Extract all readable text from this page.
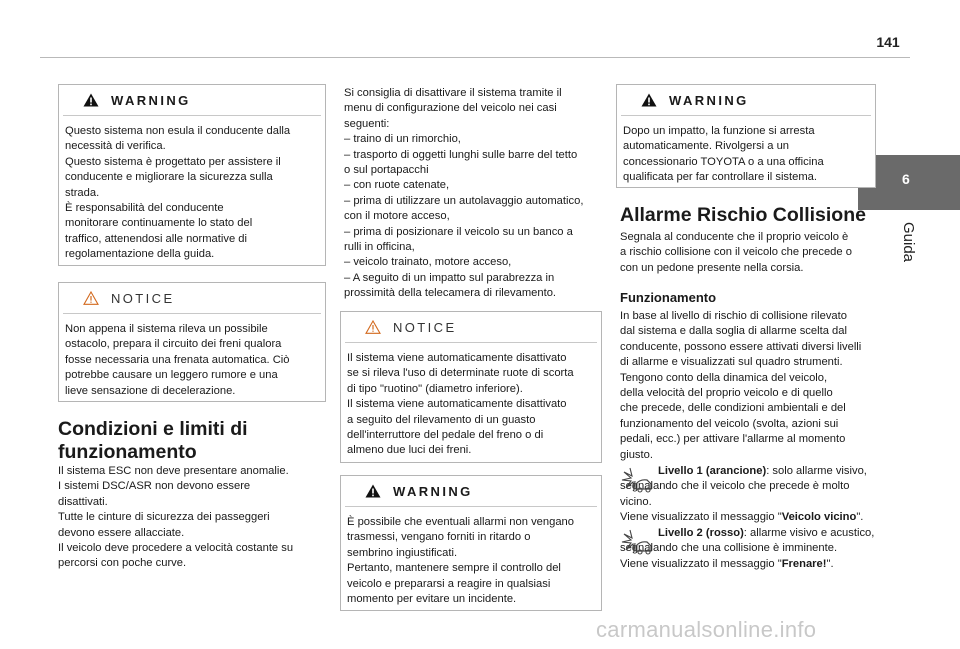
141
6
Guida
WARNING
Questo sistema non esula il conducente dalla
necessità di verifica.
Questo sistema è progettato per assistere il
conducente e migliorare la sicurezza sulla
strada.
È responsabilità del conducente
monitorare continuamente lo stato del
traffico, attenendosi alle normative di
regolamentazione della guida.
NOTICE
Non appena il sistema rileva un possibile
ostacolo, prepara il circuito dei freni qualora
fosse necessaria una frenata automatica. Ciò
potrebbe causare un leggero rumore e una
lieve sensazione di decelerazione.
Condizioni e limiti di funzionamento
Il sistema ESC non deve presentare anomalie.
I sistemi DSC/ASR non devono essere
disattivati.
Tutte le cinture di sicurezza dei passeggeri
devono essere allacciate.
Il veicolo deve procedere a velocità costante su
percorsi con poche curve.
Si consiglia di disattivare il sistema tramite il
menu di configurazione del veicolo nei casi
seguenti:
– traino di un rimorchio,
– trasporto di oggetti lunghi sulle barre del tetto
o sul portapacchi
– con ruote catenate,
– prima di utilizzare un autolavaggio automatico,
con il motore acceso,
– prima di posizionare il veicolo su un banco a
rulli in officina,
– veicolo trainato, motore acceso,
– A seguito di un impatto sul parabrezza in
prossimità della telecamera di rilevamento.
NOTICE
Il sistema viene automaticamente disattivato
se si rileva l'uso di determinate ruote di scorta
di tipo "ruotino" (diametro inferiore).
Il sistema viene automaticamente disattivato
a seguito del rilevamento di un guasto
dell'interruttore del pedale del freno o di
almeno due luci dei freni.
WARNING
È possibile che eventuali allarmi non vengano
trasmessi, vengano forniti in ritardo o
sembrino ingiustificati.
Pertanto, mantenere sempre il controllo del
veicolo e prepararsi a reagire in qualsiasi
momento per evitare un incidente.
WARNING
Dopo un impatto, la funzione si arresta
automaticamente. Rivolgersi a un
concessionario TOYOTA o a una officina
qualificata per far controllare il sistema.
Allarme Rischio Collisione
Segnala al conducente che il proprio veicolo è
a rischio collisione con il veicolo che precede o
con un pedone presente nella corsia.
Funzionamento
In base al livello di rischio di collisione rilevato
dal sistema e dalla soglia di allarme scelta dal
conducente, possono essere attivati diversi livelli
di allarme e visualizzati sul quadro strumenti.
Tengono conto della dinamica del veicolo,
della velocità del proprio veicolo e di quello
che precede, delle condizioni ambientali e del
funzionamento del veicolo (svolta, azioni sui
pedali, ecc.) per attivare l'allarme al momento
giusto.
Livello 1 (arancione): solo allarme visivo, segnalando che il veicolo che precede è molto vicino.
Viene visualizzato il messaggio "Veicolo vicino".
Livello 2 (rosso): allarme visivo e acustico, segnalando che una collisione è imminente.
Viene visualizzato il messaggio "Frenare!".
carmanualsonline.info
